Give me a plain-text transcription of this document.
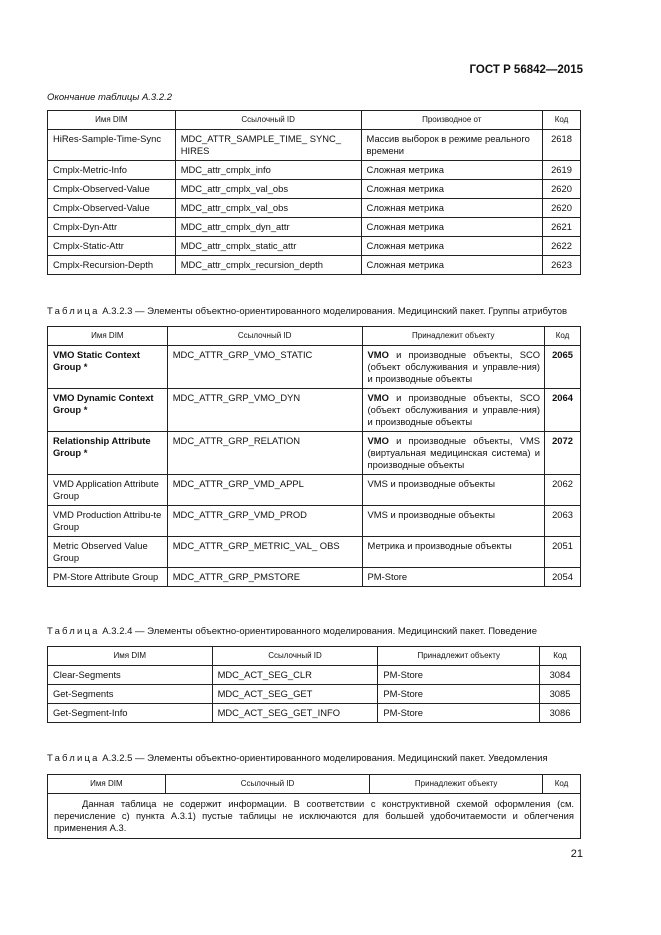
ГОСТ Р 56842—2015
Окончание таблицы А.3.2.2
Имя DIM	Ссылочный ID	Производное от	Код
HiRes-Sample-Time-Sync	MDC_ATTR_SAMPLE_TIME_ SYNC_ HIRES	Массив выборок в режиме реального времени	2618
Cmplx-Metric-Info	MDC_attr_cmplx_info	Сложная метрика	2619
Cmplx-Observed-Value	MDC_attr_cmplx_val_obs	Сложная метрика	2620
Cmplx-Observed-Value	MDC_attr_cmplx_val_obs	Сложная метрика	2620
Cmplx-Dyn-Attr	MDC_attr_cmplx_dyn_attr	Сложная метрика	2621
Cmplx-Static-Attr	MDC_attr_cmplx_static_attr	Сложная метрика	2622
Cmplx-Recursion-Depth	MDC_attr_cmplx_recursion_depth	Сложная метрика	2623
Таблица А.3.2.3 — Элементы объектно-ориентированного моделирования. Медицинский пакет. Группы атрибутов
Имя DIM	Ссылочный ID	Принадлежит объекту	Код
VMO Static Context Group *	MDC_ATTR_GRP_VMO_STATIC	VMO и производные объекты, SCO (объект обслуживания и управле-ния) и производные объекты	2065
VMO Dynamic Context Group *	MDC_ATTR_GRP_VMO_DYN	VMO и производные объекты, SCO (объект обслуживания и управле-ния) и производные объекты	2064
Relationship Attribute Group *	MDC_ATTR_GRP_RELATION	VMO и производные объекты, VMS (виртуальная медицинская система) и производные объекты	2072
VMD Application Attribute Group	MDC_ATTR_GRP_VMD_APPL	VMS и производные объекты	2062
VMD Production Attribu-te Group	MDC_ATTR_GRP_VMD_PROD	VMS и производные объекты	2063
Metric Observed Value Group	MDC_ATTR_GRP_METRIC_VAL_ OBS	Метрика и производные объекты	2051
PM-Store Attribute Group	MDC_ATTR_GRP_PMSTORE	PM-Store	2054
Таблица А.3.2.4 — Элементы объектно-ориентированного моделирования. Медицинский пакет. Поведение
Имя DIM	Ссылочный ID	Принадлежит объекту	Код
Clear-Segments	MDC_ACT_SEG_CLR	PM-Store	3084
Get-Segments	MDC_ACT_SEG_GET	PM-Store	3085
Get-Segment-Info	MDC_ACT_SEG_GET_INFO	PM-Store	3086
Таблица А.3.2.5 — Элементы объектно-ориентированного моделирования. Медицинский пакет. Уведомления
Имя DIM	Ссылочный ID	Принадлежит объекту	Код
Данная таблица не содержит информации. В соответствии с конструктивной схемой оформления (см. перечисление с) пункта А.3.1) пустые таблицы не исключаются для большей удобочитаемости и облегчения применения А.3.
21
